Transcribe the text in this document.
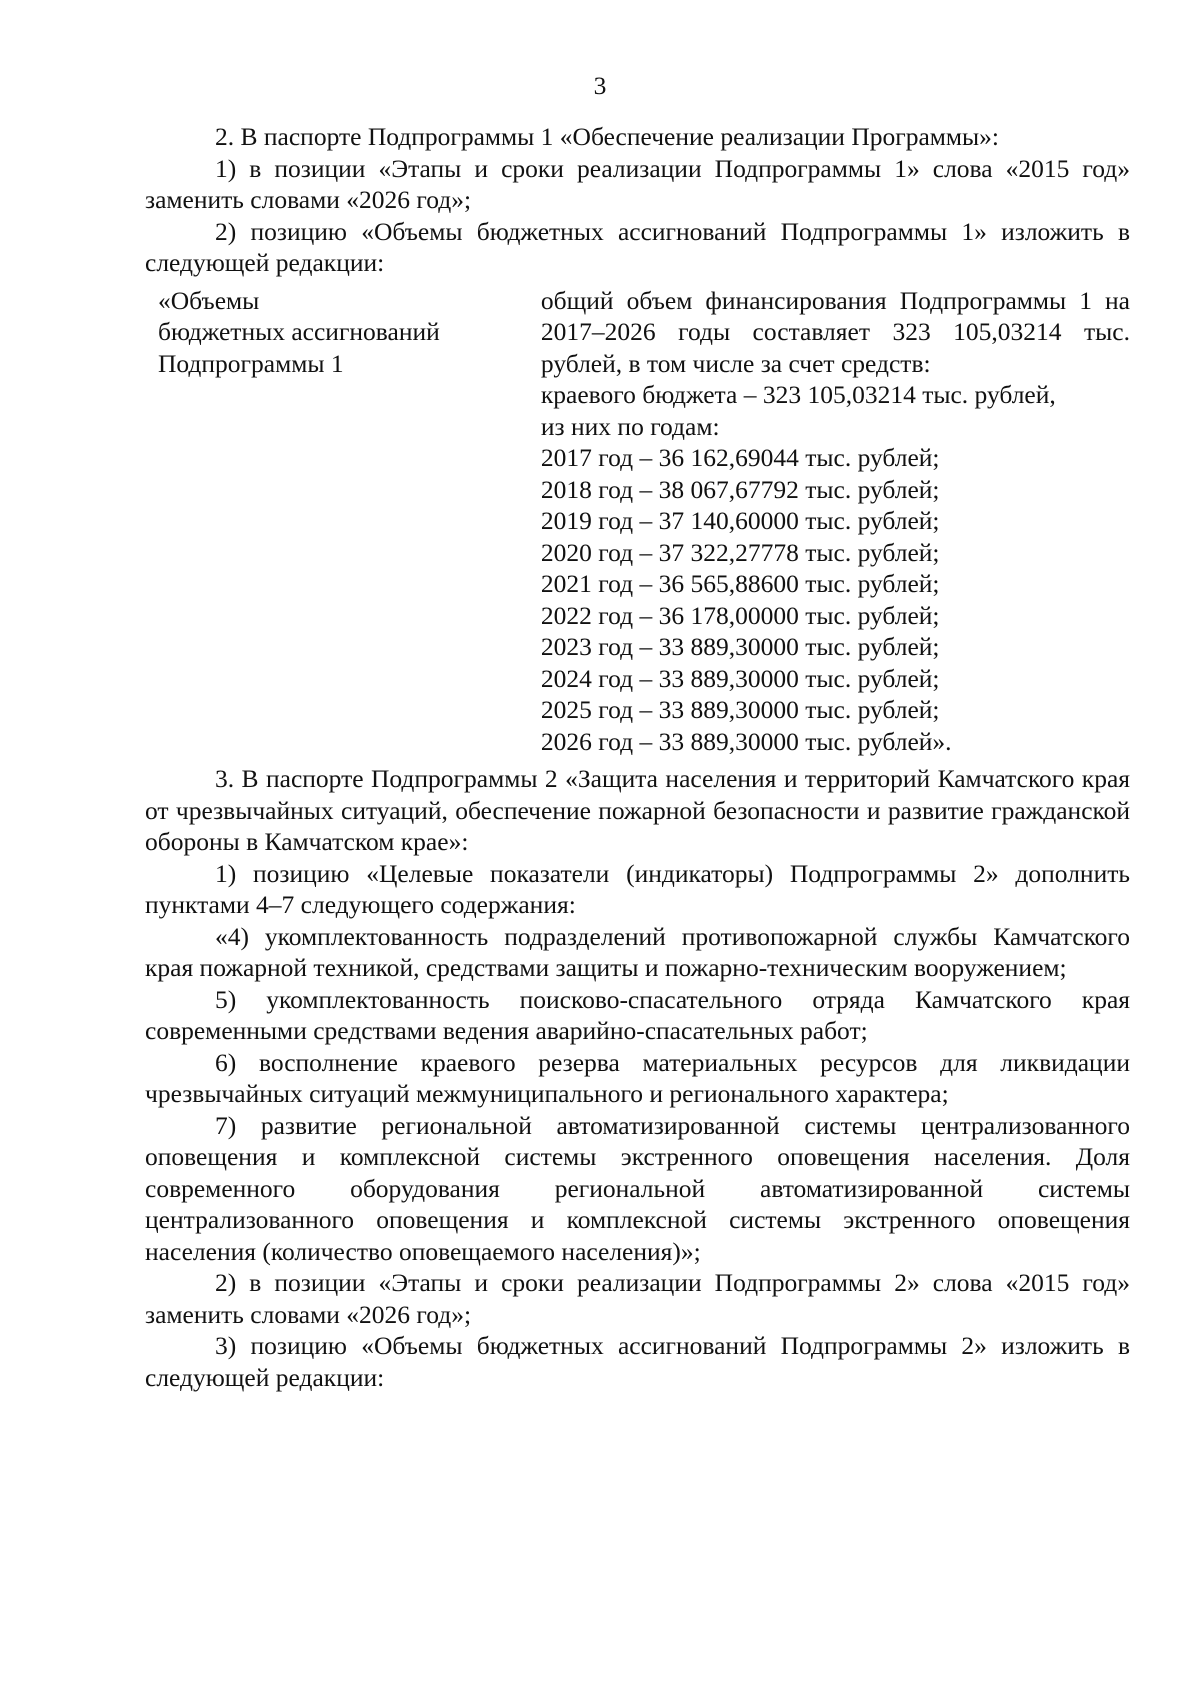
3

2. В паспорте Подпрограммы 1 «Обеспечение реализации Программы»:

1) в позиции «Этапы и сроки реализации Подпрограммы 1» слова «2015 год» заменить словами «2026 год»;

2) позицию «Объемы бюджетных ассигнований Подпрограммы 1» изложить в следующей редакции:

«Объемы
бюджетных ассигнований
Подпрограммы 1
общий объем финансирования Подпрограммы 1 на 2017–2026 годы составляет 323 105,03214 тыс. рублей, в том числе за счет средств:
краевого бюджета – 323 105,03214 тыс. рублей,
из них по годам:
2017 год – 36 162,69044 тыс. рублей;
2018 год – 38 067,67792 тыс. рублей;
2019 год – 37 140,60000 тыс. рублей;
2020 год – 37 322,27778 тыс. рублей;
2021 год – 36 565,88600 тыс. рублей;
2022 год – 36 178,00000 тыс. рублей;
2023 год – 33 889,30000 тыс. рублей;
2024 год – 33 889,30000 тыс. рублей;
2025 год – 33 889,30000 тыс. рублей;
2026 год – 33 889,30000 тыс. рублей».

3. В паспорте Подпрограммы 2 «Защита населения и территорий Камчатского края от чрезвычайных ситуаций, обеспечение пожарной безопасности и развитие гражданской обороны в Камчатском крае»:

1) позицию «Целевые показатели (индикаторы) Подпрограммы 2» дополнить пунктами 4–7 следующего содержания:

«4) укомплектованность подразделений противопожарной службы Камчатского края пожарной техникой, средствами защиты и пожарно-техническим вооружением;

5) укомплектованность поисково-спасательного отряда Камчатского края современными средствами ведения аварийно-спасательных работ;

6) восполнение краевого резерва материальных ресурсов для ликвидации чрезвычайных ситуаций межмуниципального и регионального характера;

7) развитие региональной автоматизированной системы централизованного оповещения и комплексной системы экстренного оповещения населения. Доля современного оборудования региональной автоматизированной системы централизованного оповещения и комплексной системы экстренного оповещения населения (количество оповещаемого населения)»;

2) в позиции «Этапы и сроки реализации Подпрограммы 2» слова «2015 год» заменить словами «2026 год»;

3) позицию «Объемы бюджетных ассигнований Подпрограммы 2» изложить в следующей редакции:
